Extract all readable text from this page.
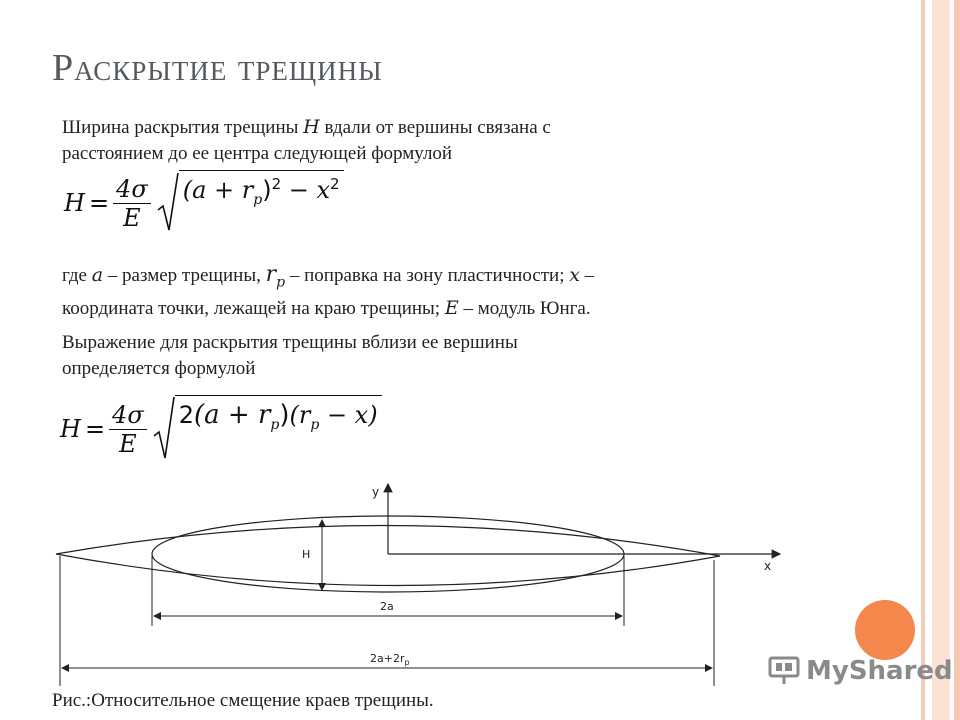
Раскрытие трещины
Ширина раскрытия трещины H вдали от вершины связана с
расстоянием до ее центра следующей формулой
$H = \frac{4\sigma}{E} (a + r_p)^2 - x^2$
где a – размер трещины, $r_p$ – поправка на зону пластичности; x –
координата точки, лежащей на краю трещины; E – модуль Юнга.
Выражение для раскрытия трещины вблизи ее вершины
определяется формулой
$H = \frac{4\sigma}{E} 2(a + r_p)(r_p - x)$
y
x
H
2a
$2a+2r_p$	MyShared
Рис.:Относительное смещение краев трещины.
